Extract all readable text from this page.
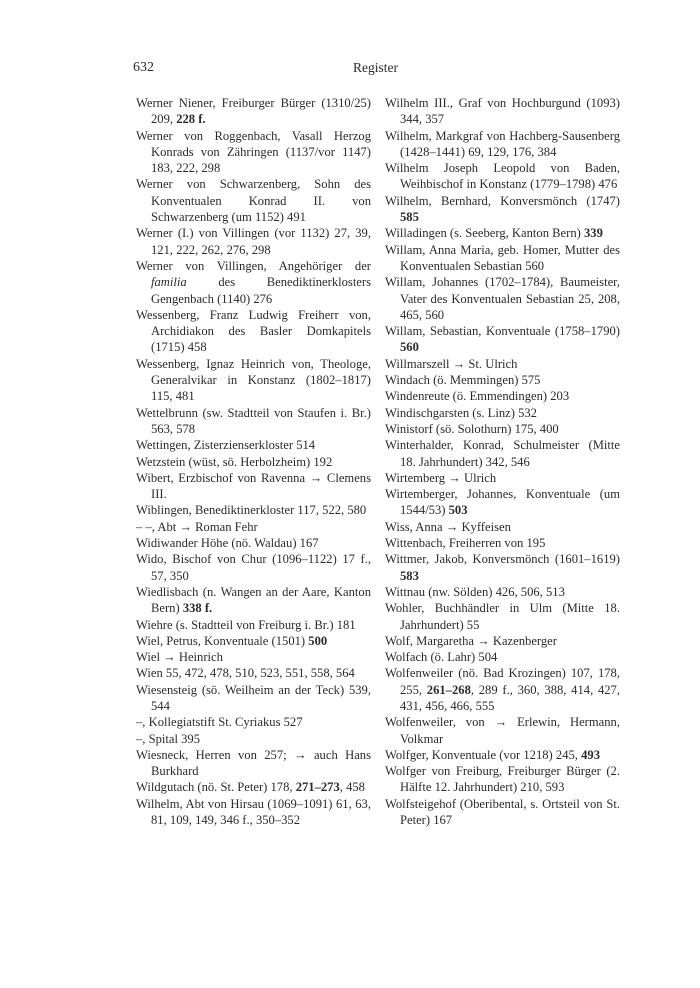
632	Register

Werner Niener, Freiburger Bürger (1310/25) 209, 228 f.

Werner von Roggenbach, Vasall Herzog Konrads von Zähringen (1137/vor 1147) 183, 222, 298

Werner von Schwarzenberg, Sohn des Konventualen Konrad II. von Schwarzenberg (um 1152) 491

Werner (I.) von Villingen (vor 1132) 27, 39, 121, 222, 262, 276, 298

Werner von Villingen, Angehöriger der familia des Benediktinerklosters Gengenbach (1140) 276

Wessenberg, Franz Ludwig Freiherr von, Archidiakon des Basler Domkapitels (1715) 458

Wessenberg, Ignaz Heinrich von, Theologe, Generalvikar in Konstanz (1802–1817) 115, 481

Wettelbrunn (sw. Stadtteil von Staufen i. Br.) 563, 578

Wettingen, Zisterzienserkloster 514

Wetzstein (wüst, sö. Herbolzheim) 192

Wibert, Erzbischof von Ravenna → Clemens III.

Wiblingen, Benediktinerkloster 117, 522, 580

– –, Abt → Roman Fehr

Widiwander Höhe (nö. Waldau) 167

Wido, Bischof von Chur (1096–1122) 17 f., 57, 350

Wiedlisbach (n. Wangen an der Aare, Kanton Bern) 338 f.

Wiehre (s. Stadtteil von Freiburg i. Br.) 181

Wiel, Petrus, Konventuale (1501) 500

Wiel → Heinrich

Wien 55, 472, 478, 510, 523, 551, 558, 564

Wiesensteig (sö. Weilheim an der Teck) 539, 544

–, Kollegiatstift St. Cyriakus 527

–, Spital 395

Wiesneck, Herren von 257; → auch Hans Burkhard

Wildgutach (nö. St. Peter) 178, 271–273, 458

Wilhelm, Abt von Hirsau (1069–1091) 61, 63, 81, 109, 149, 346 f., 350–352

Wilhelm III., Graf von Hochburgund (1093) 344, 357

Wilhelm, Markgraf von Hachberg-Sausenberg (1428–1441) 69, 129, 176, 384

Wilhelm Joseph Leopold von Baden, Weihbischof in Konstanz (1779–1798) 476

Wilhelm, Bernhard, Konversmönch (1747) 585

Willadingen (s. Seeberg, Kanton Bern) 339

Willam, Anna Maria, geb. Homer, Mutter des Konventualen Sebastian 560

Willam, Johannes (1702–1784), Baumeister, Vater des Konventualen Sebastian 25, 208, 465, 560

Willam, Sebastian, Konventuale (1758–1790) 560

Willmarszell → St. Ulrich

Windach (ö. Memmingen) 575

Windenreute (ö. Emmendingen) 203

Windischgarsten (s. Linz) 532

Winistorf (sö. Solothurn) 175, 400

Winterhalder, Konrad, Schulmeister (Mitte 18. Jahrhundert) 342, 546

Wirtemberg → Ulrich

Wirtemberger, Johannes, Konventuale (um 1544/53) 503

Wiss, Anna → Kyffeisen

Wittenbach, Freiherren von 195

Wittmer, Jakob, Konversmönch (1601–1619) 583

Wittnau (nw. Sölden) 426, 506, 513

Wohler, Buchhändler in Ulm (Mitte 18. Jahrhundert) 55

Wolf, Margaretha → Kazenberger

Wolfach (ö. Lahr) 504

Wolfenweiler (nö. Bad Krozingen) 107, 178, 255, 261–268, 289 f., 360, 388, 414, 427, 431, 456, 466, 555

Wolfenweiler, von → Erlewin, Hermann, Volkmar

Wolfger, Konventuale (vor 1218) 245, 493

Wolfger von Freiburg, Freiburger Bürger (2. Hälfte 12. Jahrhundert) 210, 593

Wolfsteigehof (Oberibental, s. Ortsteil von St. Peter) 167
